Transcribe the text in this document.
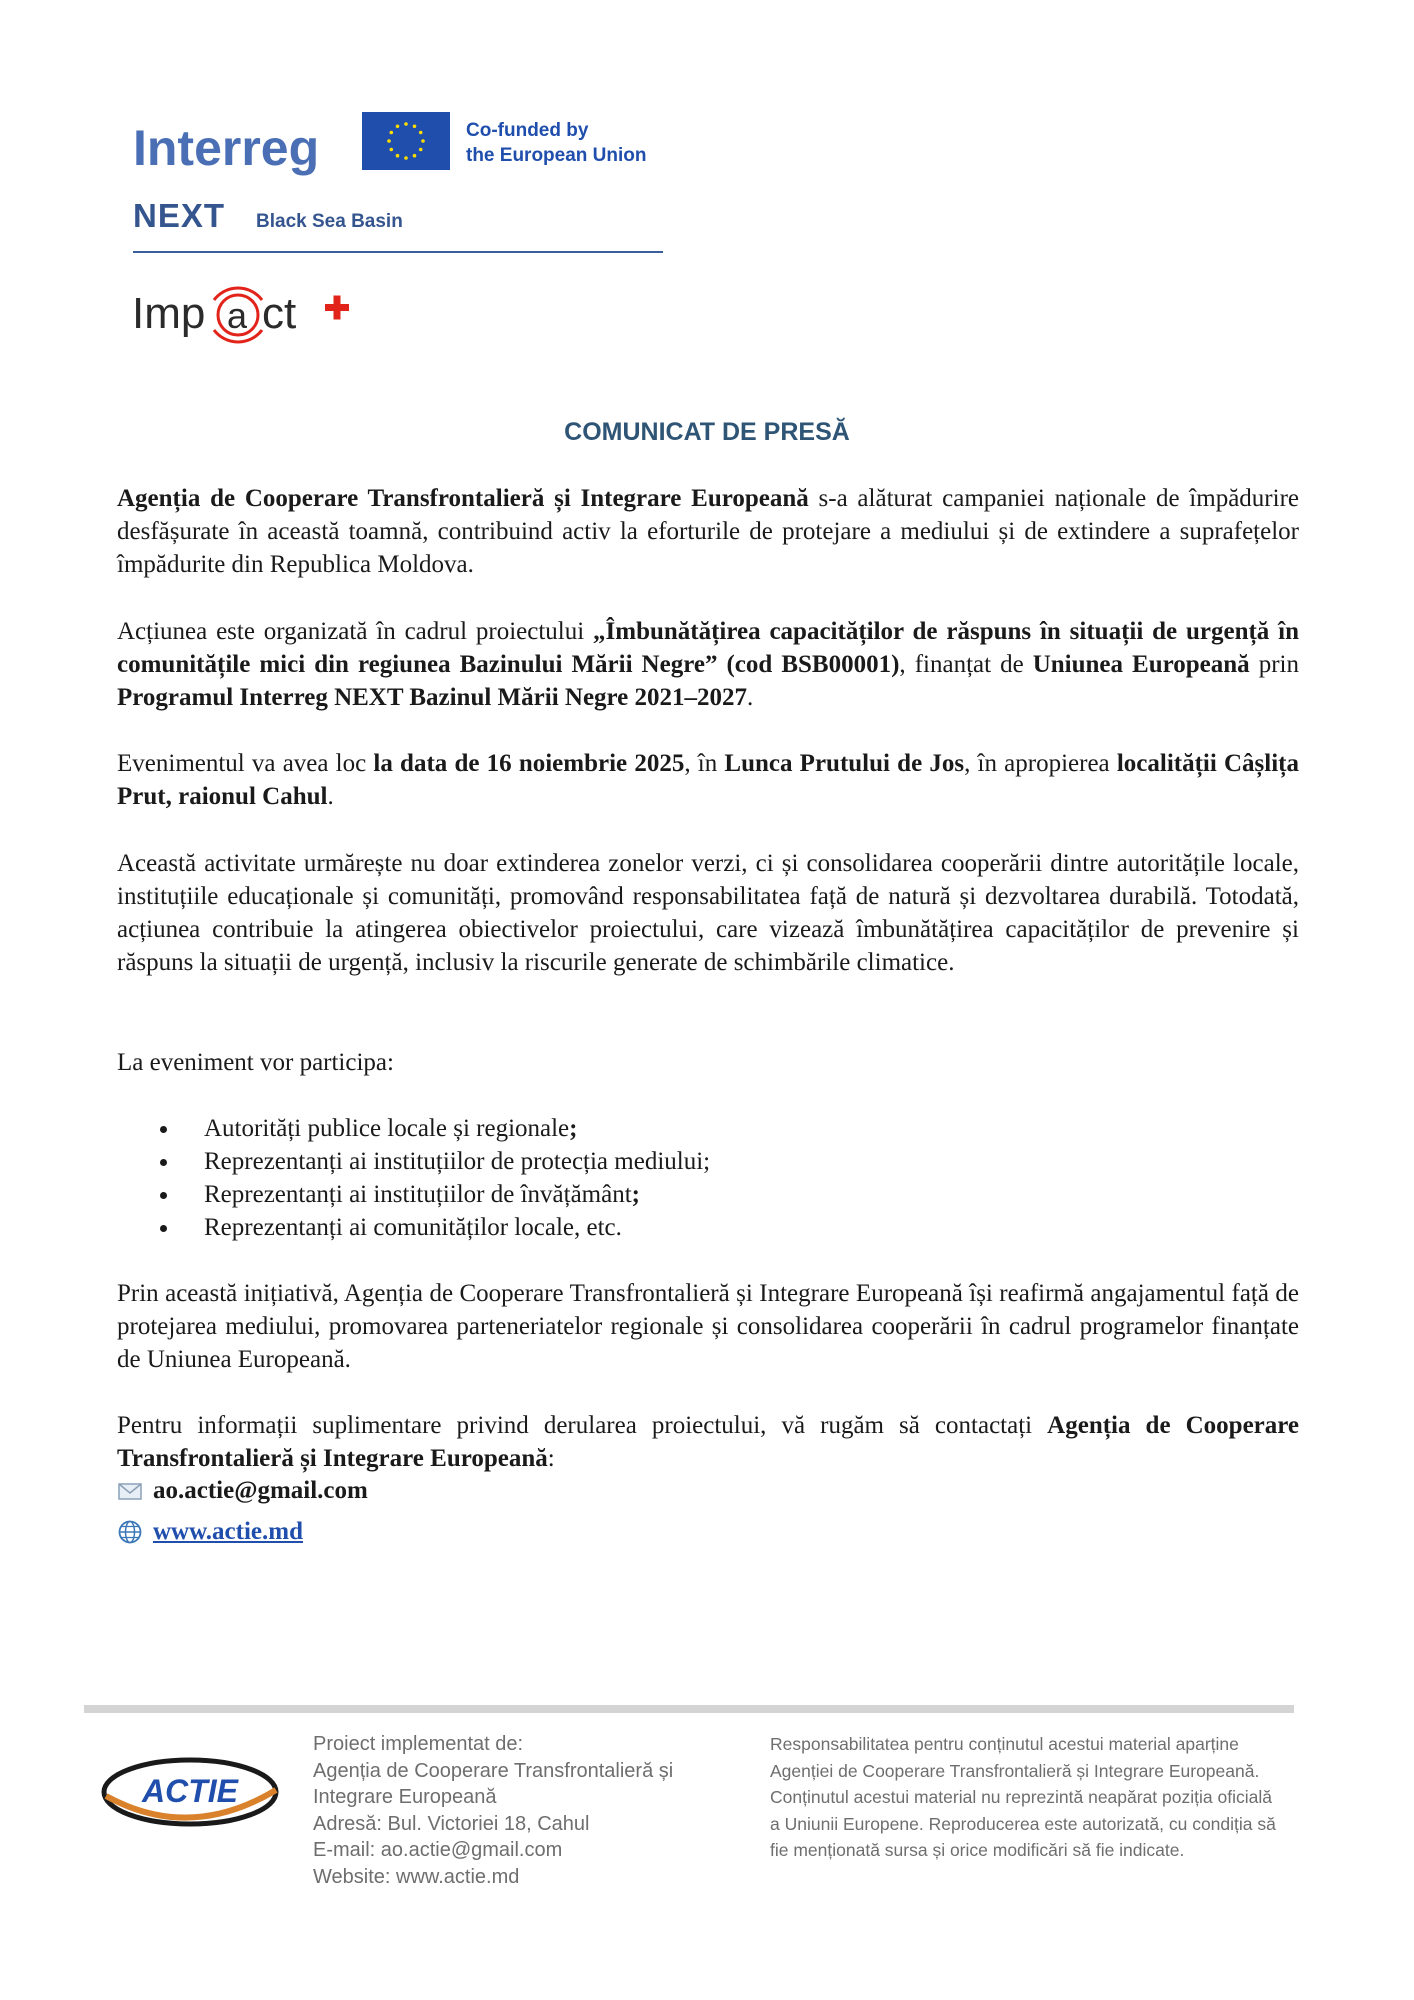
Interreg	Co-funded by
the European Union
NEXT Black Sea Basin
Imp a ct
COMUNICAT DE PRESĂ

Agenția de Cooperare Transfrontalieră și Integrare Europeană s-a alăturat campaniei naționale de împădurire desfășurate în această toamnă, contribuind activ la eforturile de protejare a mediului și de extindere a suprafețelor împădurite din Republica Moldova.

Acțiunea este organizată în cadrul proiectului „Îmbunătățirea capacităților de răspuns în situații de urgență în comunitățile mici din regiunea Bazinului Mării Negre” (cod BSB00001), finanțat de Uniunea Europeană prin Programul Interreg NEXT Bazinul Mării Negre 2021–2027.

Evenimentul va avea loc la data de 16 noiembrie 2025, în Lunca Prutului de Jos, în apropierea localității Câșlița Prut, raionul Cahul.

Această activitate urmărește nu doar extinderea zonelor verzi, ci și consolidarea cooperării dintre autoritățile locale, instituțiile educaționale și comunități, promovând responsabilitatea față de natură și dezvoltarea durabilă. Totodată, acțiunea contribuie la atingerea obiectivelor proiectului, care vizează îmbunătățirea capacităților de prevenire și răspuns la situații de urgență, inclusiv la riscurile generate de schimbările climatice.

La eveniment vor participa:

Autorități publice locale și regionale;
Reprezentanți ai instituțiilor de protecția mediului;
Reprezentanți ai instituțiilor de învățământ;
Reprezentanți ai comunităților locale, etc.

Prin această inițiativă, Agenția de Cooperare Transfrontalieră și Integrare Europeană își reafirmă angajamentul față de protejarea mediului, promovarea parteneriatelor regionale și consolidarea cooperării în cadrul programelor finanțate de Uniunea Europeană.

Pentru informații suplimentare privind derularea proiectului, vă rugăm să contactați Agenția de Cooperare Transfrontalieră și Integrare Europeană:

ao.actie@gmail.com
www.actie.md
ACTIE
Proiect implementat de:
Agenția de Cooperare Transfrontalieră și
Integrare Europeană
Adresă: Bul. Victoriei 18, Cahul
E-mail: ao.actie@gmail.com
Website: www.actie.md
Responsabilitatea pentru conținutul acestui material aparține
Agenției de Cooperare Transfrontalieră și Integrare Europeană.
Conținutul acestui material nu reprezintă neapărat poziția oficială
a Uniunii Europene. Reproducerea este autorizată, cu condiția să
fie menționată sursa și orice modificări să fie indicate.
